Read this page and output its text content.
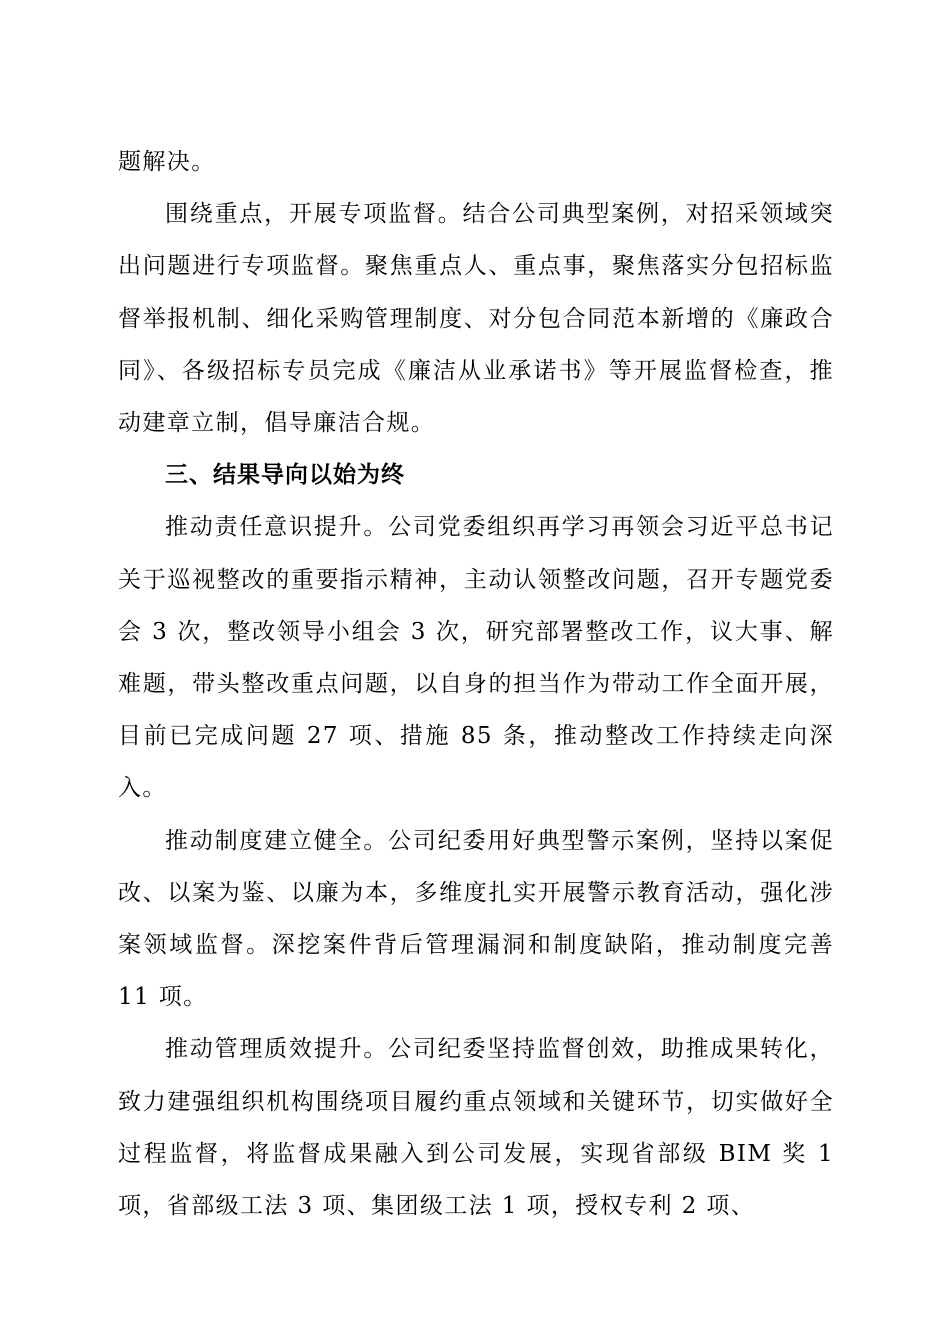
题解决。

围绕重点，开展专项监督。结合公司典型案例，对招采领域突出问题进行专项监督。聚焦重点人、重点事，聚焦落实分包招标监督举报机制、细化采购管理制度、对分包合同范本新增的《廉政合同》、各级招标专员完成《廉洁从业承诺书》等开展监督检查，推动建章立制，倡导廉洁合规。

三、结果导向以始为终

推动责任意识提升。公司党委组织再学习再领会习近平总书记关于巡视整改的重要指示精神，主动认领整改问题，召开专题党委会 3 次，整改领导小组会 3 次，研究部署整改工作，议大事、解难题，带头整改重点问题，以自身的担当作为带动工作全面开展，目前已完成问题 27 项、措施 85 条，推动整改工作持续走向深入。

推动制度建立健全。公司纪委用好典型警示案例，坚持以案促改、以案为鉴、以廉为本，多维度扎实开展警示教育活动，强化涉案领域监督。深挖案件背后管理漏洞和制度缺陷，推动制度完善 11 项。

推动管理质效提升。公司纪委坚持监督创效，助推成果转化，致力建强组织机构围绕项目履约重点领域和关键环节，切实做好全过程监督，将监督成果融入到公司发展，实现省部级 BIM 奖 1 项，省部级工法 3 项、集团级工法 1 项，授权专利 2 项、
